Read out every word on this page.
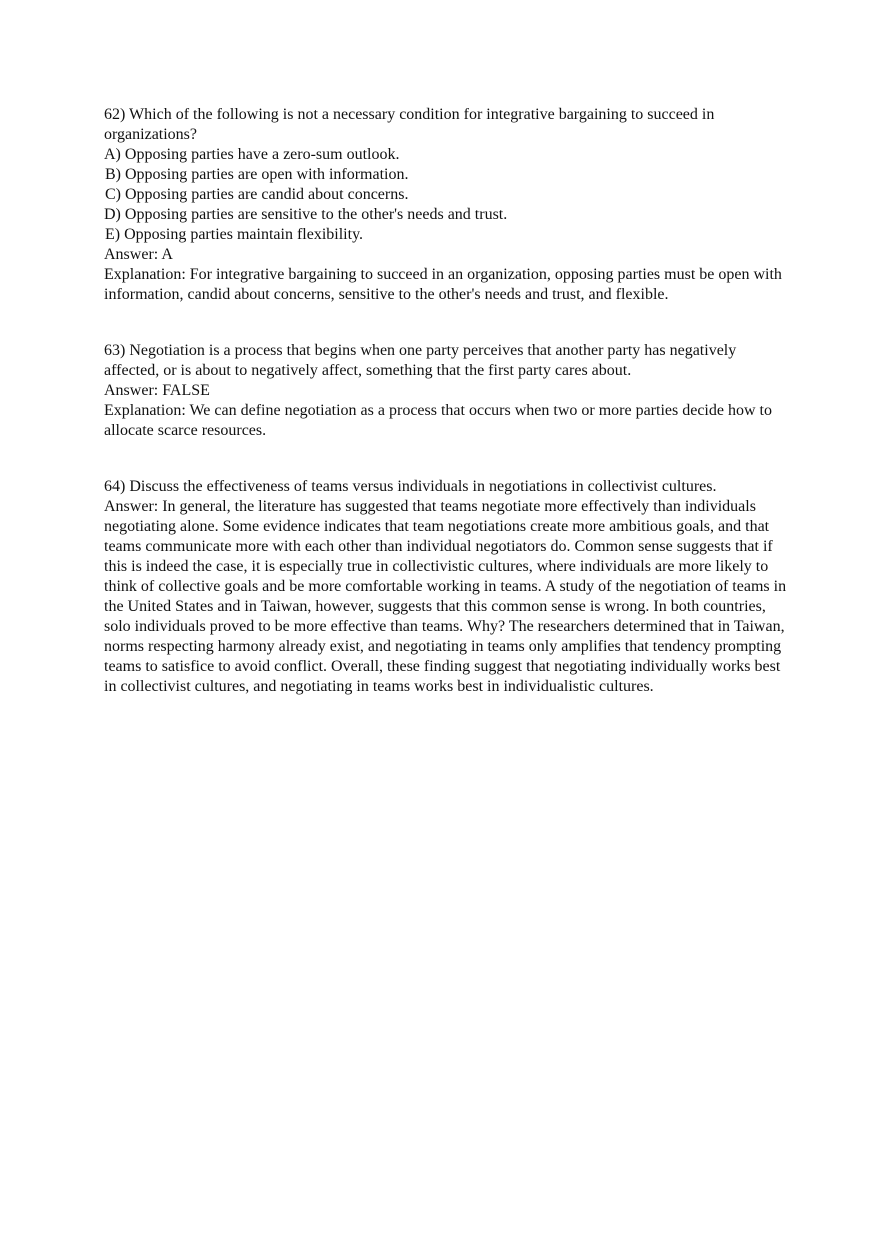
62) Which of the following is not a necessary condition for integrative bargaining to succeed in organizations?
A) Opposing parties have a zero-sum outlook.
B) Opposing parties are open with information.
C) Opposing parties are candid about concerns.
D) Opposing parties are sensitive to the other's needs and trust.
E) Opposing parties maintain flexibility.
Answer: A
Explanation: For integrative bargaining to succeed in an organization, opposing parties must be open with information, candid about concerns, sensitive to the other's needs and trust, and flexible.
63) Negotiation is a process that begins when one party perceives that another party has negatively affected, or is about to negatively affect, something that the first party cares about.
Answer: FALSE
Explanation: We can define negotiation as a process that occurs when two or more parties decide how to allocate scarce resources.
64) Discuss the effectiveness of teams versus individuals in negotiations in collectivist cultures.
Answer: In general, the literature has suggested that teams negotiate more effectively than individuals negotiating alone. Some evidence indicates that team negotiations create more ambitious goals, and that teams communicate more with each other than individual negotiators do. Common sense suggests that if this is indeed the case, it is especially true in collectivistic cultures, where individuals are more likely to think of collective goals and be more comfortable working in teams. A study of the negotiation of teams in the United States and in Taiwan, however, suggests that this common sense is wrong. In both countries, solo individuals proved to be more effective than teams. Why? The researchers determined that in Taiwan, norms respecting harmony already exist, and negotiating in teams only amplifies that tendency prompting teams to satisfice to avoid conflict. Overall, these finding suggest that negotiating individually works best in collectivist cultures, and negotiating in teams works best in individualistic cultures.
